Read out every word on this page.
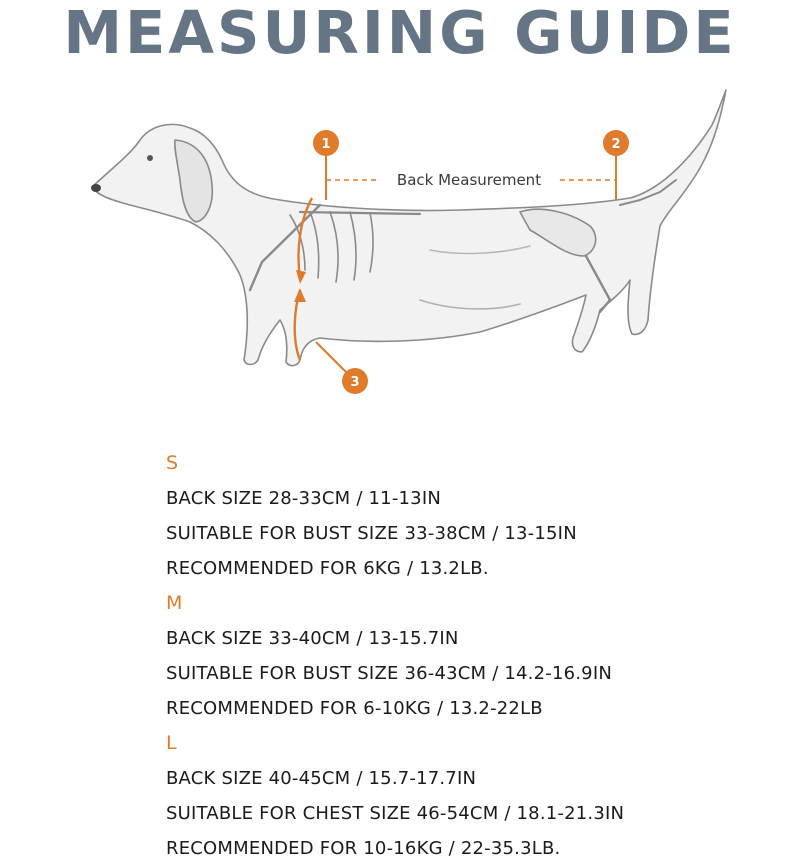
MEASURING GUIDE
Back Measurement
1	2
3
S
BACK SIZE 28-33CM / 11-13IN
SUITABLE FOR BUST SIZE 33-38CM / 13-15IN
RECOMMENDED FOR 6KG / 13.2LB.
M
BACK SIZE 33-40CM / 13-15.7IN
SUITABLE FOR BUST SIZE 36-43CM / 14.2-16.9IN
RECOMMENDED FOR 6-10KG / 13.2-22LB
L
BACK SIZE 40-45CM / 15.7-17.7IN
SUITABLE FOR CHEST SIZE 46-54CM / 18.1-21.3IN
RECOMMENDED FOR 10-16KG / 22-35.3LB.
